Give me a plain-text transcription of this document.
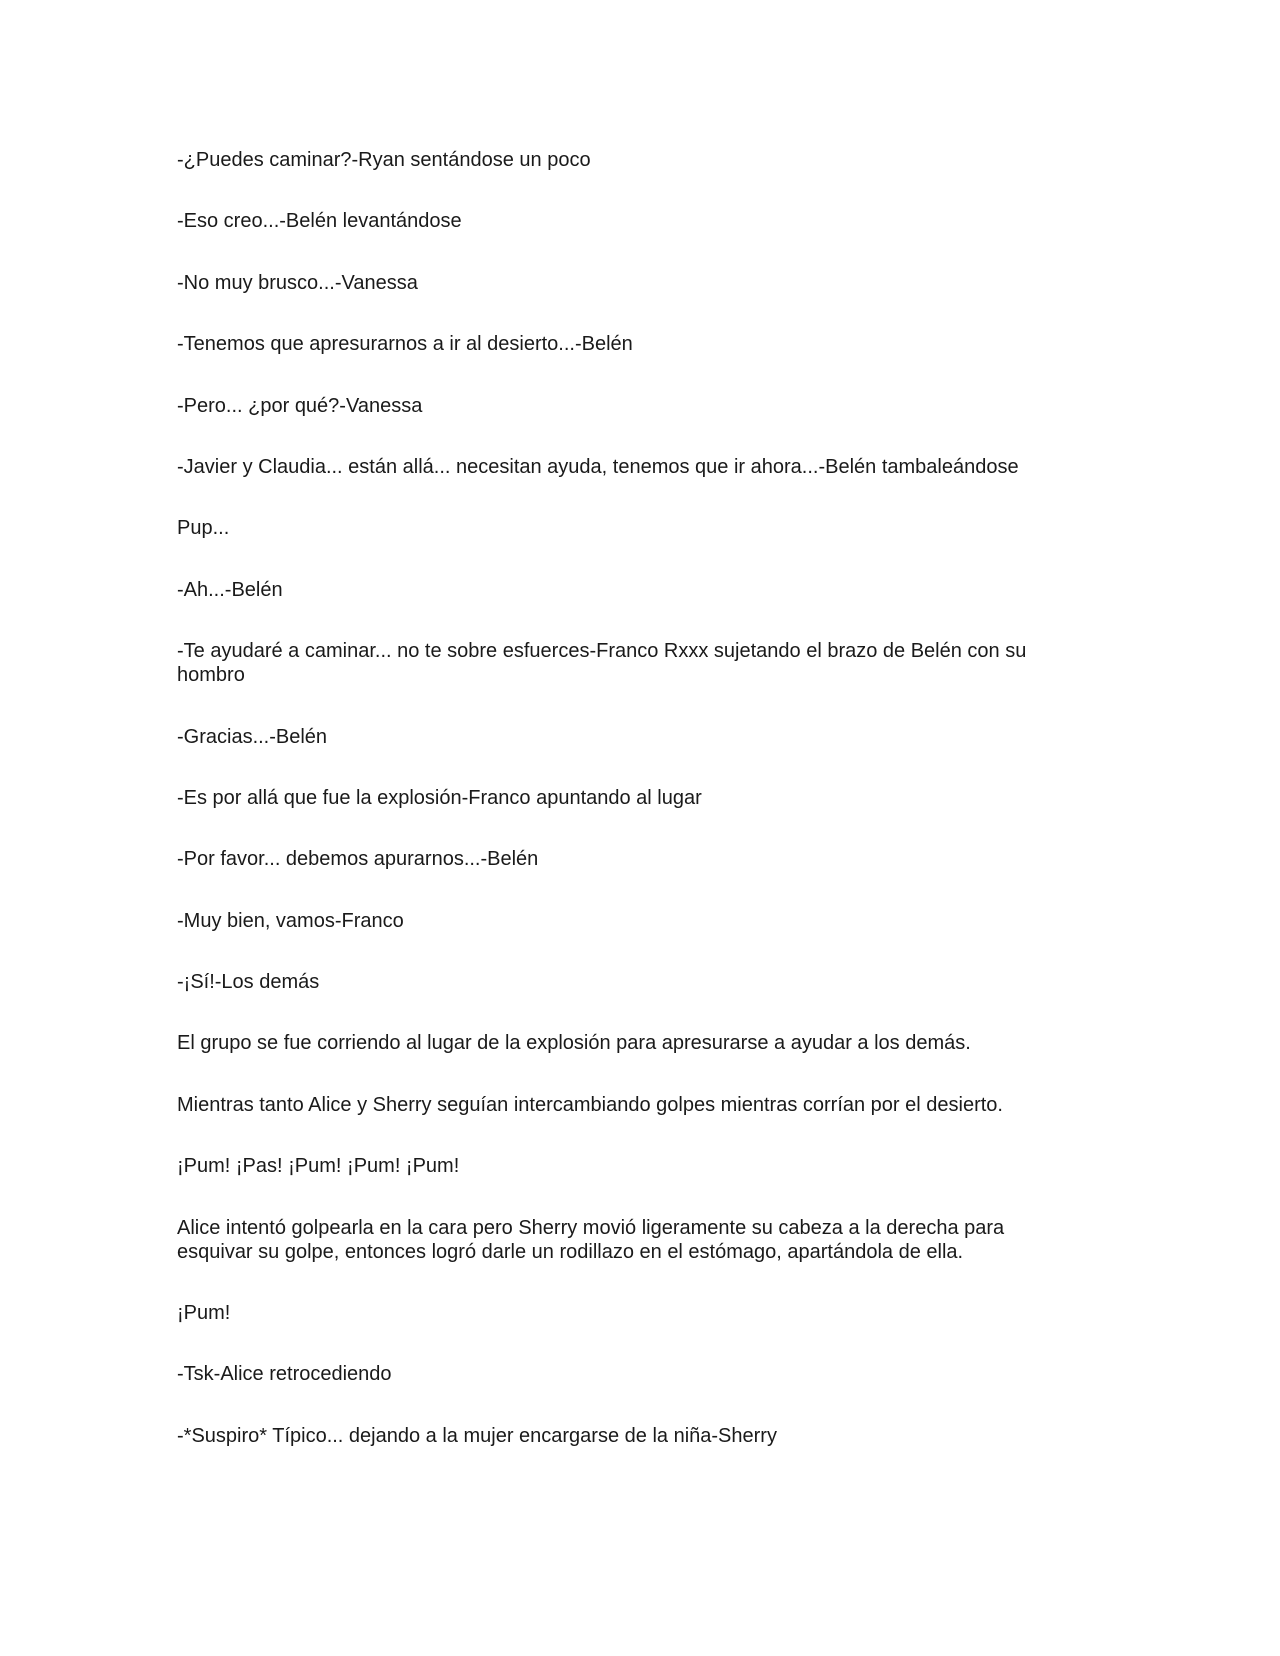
-¿Puedes caminar?-Ryan sentándose un poco

-Eso creo...-Belén levantándose

-No muy brusco...-Vanessa

-Tenemos que apresurarnos a ir al desierto...-Belén

-Pero... ¿por qué?-Vanessa

-Javier y Claudia... están allá... necesitan ayuda, tenemos que ir ahora...-Belén tambaleándose

Pup...

-Ah...-Belén

-Te ayudaré a caminar... no te sobre esfuerces-Franco Rxxx sujetando el brazo de Belén con su hombro

-Gracias...-Belén

-Es por allá que fue la explosión-Franco apuntando al lugar

-Por favor... debemos apurarnos...-Belén

-Muy bien, vamos-Franco

-¡Sí!-Los demás

El grupo se fue corriendo al lugar de la explosión para apresurarse a ayudar a los demás.

Mientras tanto Alice y Sherry seguían intercambiando golpes mientras corrían por el desierto.

¡Pum! ¡Pas! ¡Pum! ¡Pum! ¡Pum!

Alice intentó golpearla en la cara pero Sherry movió ligeramente su cabeza a la derecha para esquivar su golpe, entonces logró darle un rodillazo en el estómago, apartándola de ella.

¡Pum!

-Tsk-Alice retrocediendo

-*Suspiro* Típico... dejando a la mujer encargarse de la niña-Sherry
